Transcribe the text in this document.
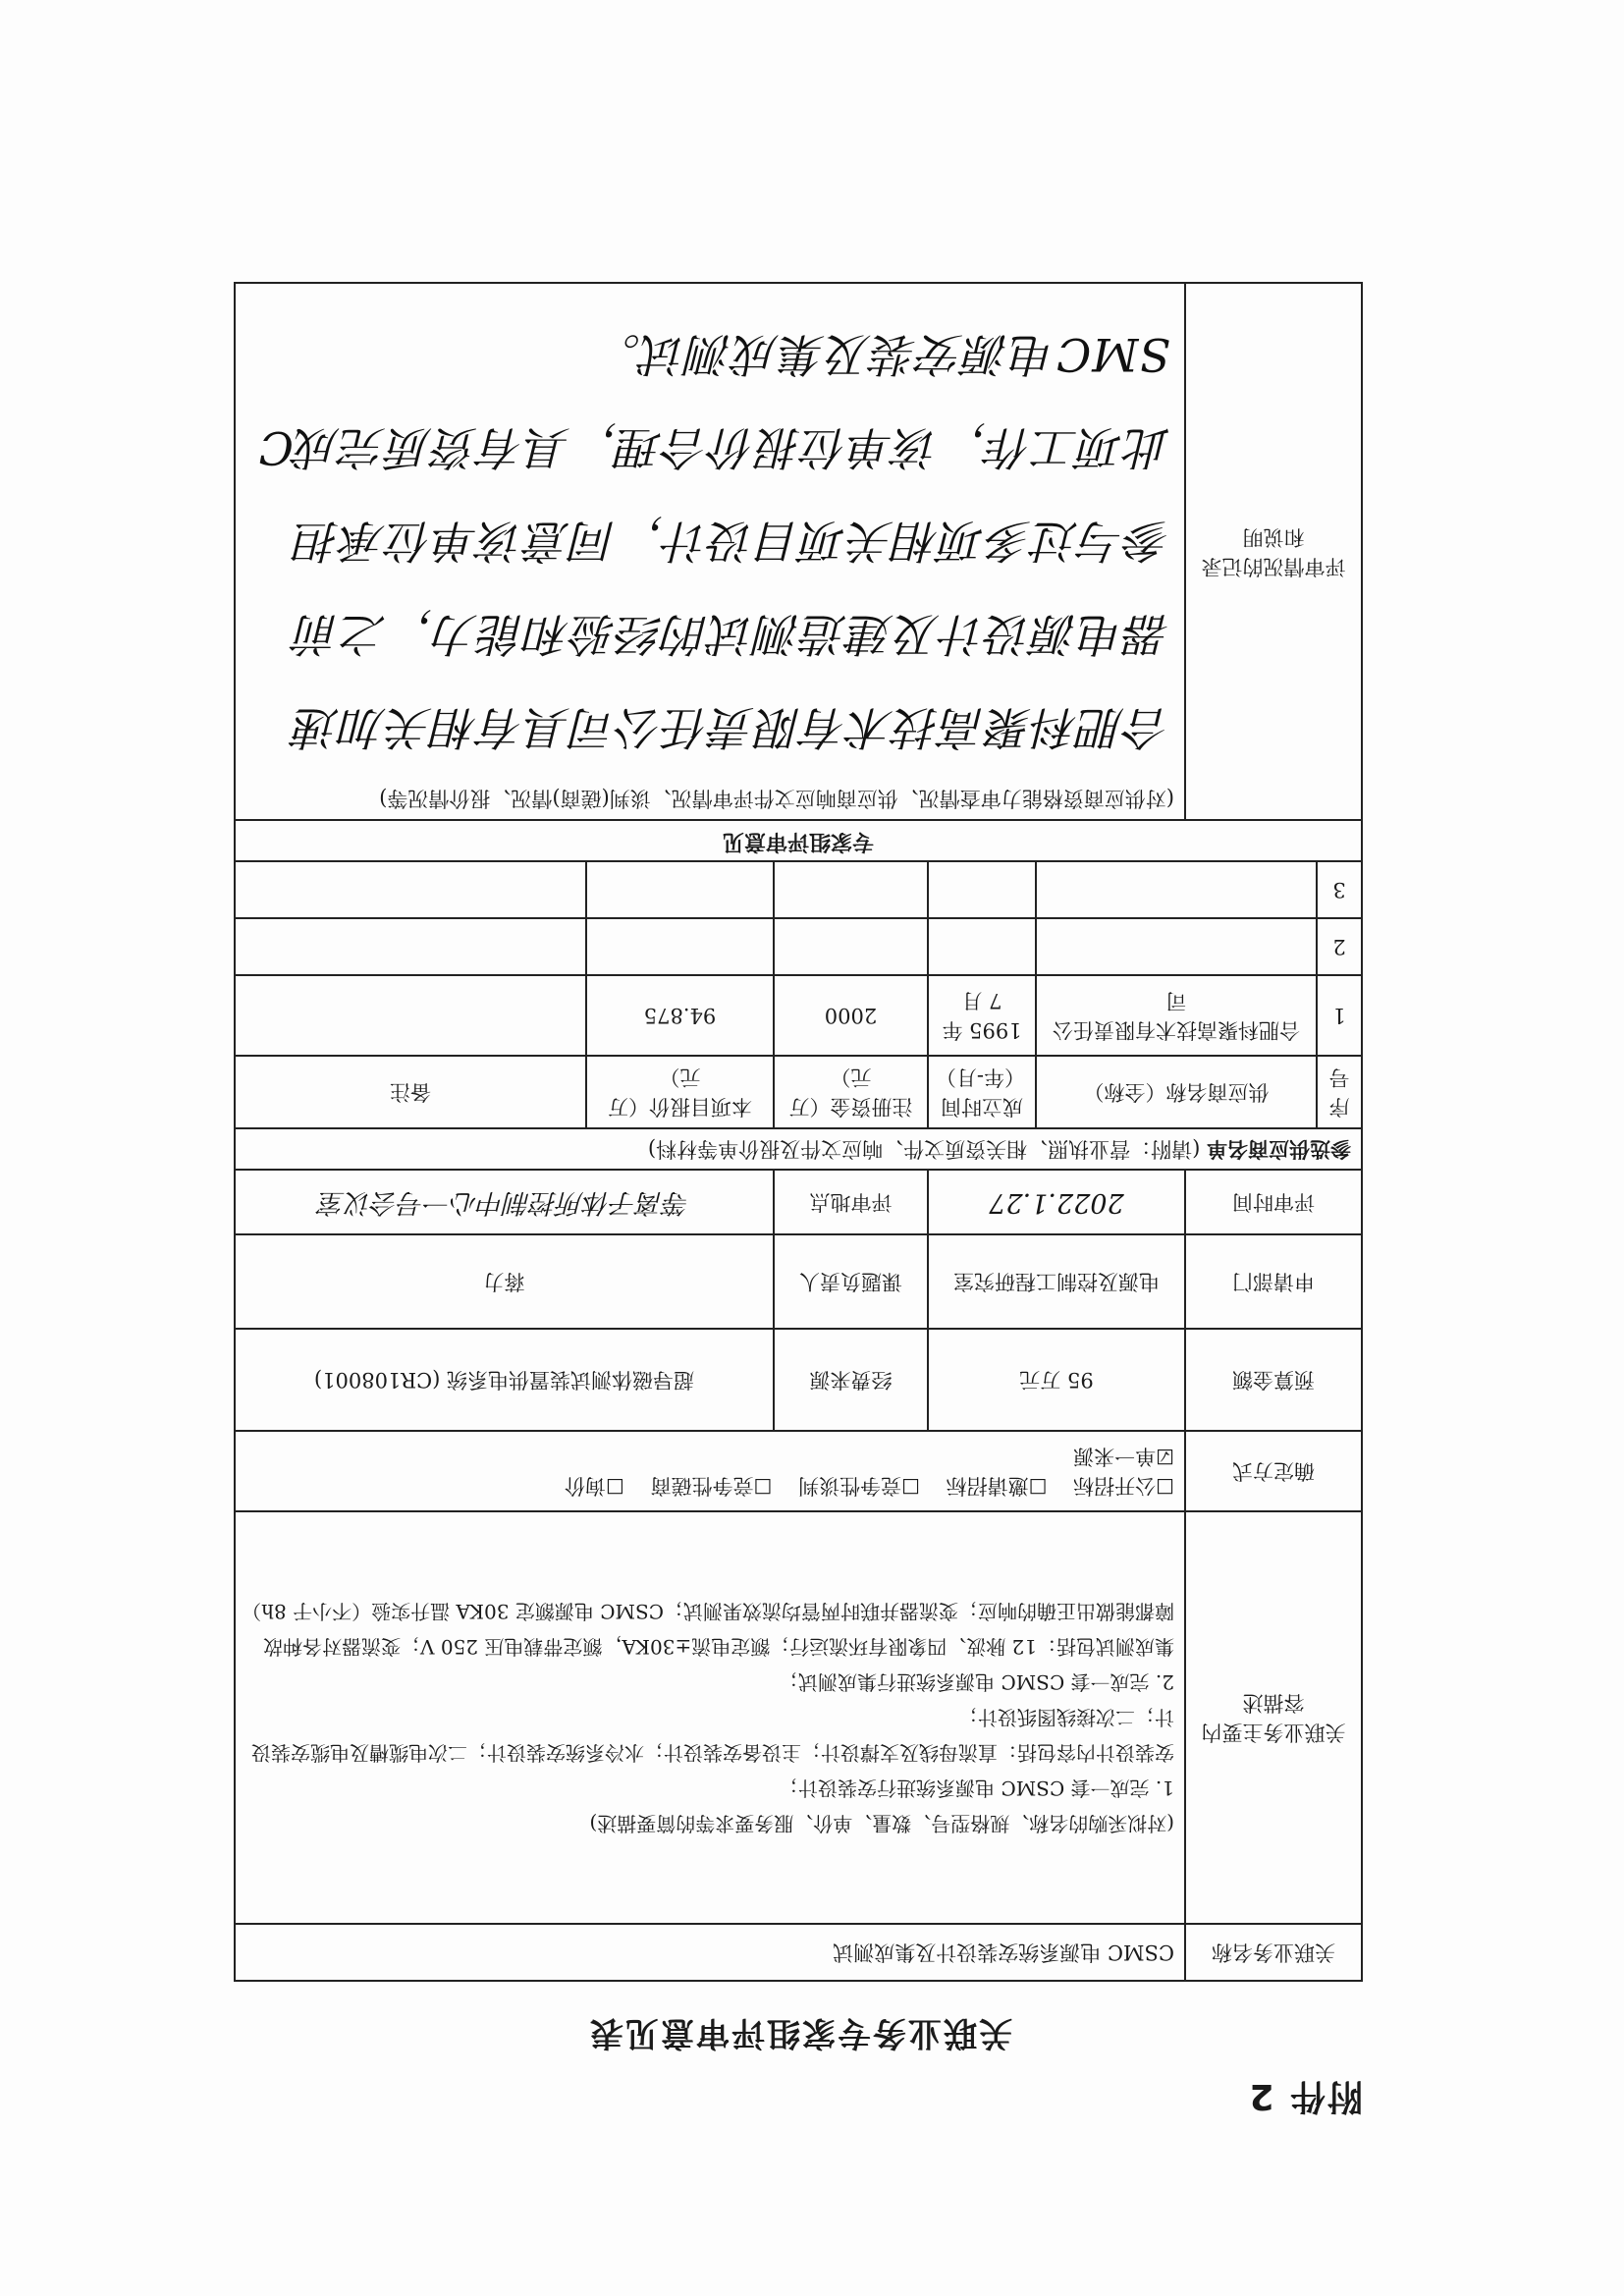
附件 2
关联业务专家组评审意见表
关联业务名称		CSMC 电源系统安装设计及集成测试				
关联业务主要内容描述		(对拟采购的名称、规格型号、数量、单价、服务要求等的简要描述)
1. 完成一套 CSMC 电源系统进行安装设计；
安装设计内容包括：直流母线及支撑设计；主设备安装设计；水冷系统安装设计；二次电缆槽及电缆安装设计；二次接线图纸设计；
2. 完成一套 CSMC 电源系统进行集成测试；
集成测试包括：12 脉波、四象限有环流运行；额定电流±30KA，额定带载电压 250 V；变流器对各种故障都能做出正确的响应；变流器并联时两管均流效果测试；CSMC 电源额定 30KA 温升实验（不小于 8h）				

确定方式		☐公开招标    ☐邀请招标    ☐竞争性谈判    ☐竞争性磋商    ☐询价
☑单一来源				

预算金额		95 万元		经费来源	超导磁体测试装置供电系统 (CR108001)	
申请部门		电源及控制工程研究室		课题负责人	蒋力	
评审时间		2022.1.27		评审地点	等离子体所控制中心一号会议室	
参选供应商名单 (请附：营业执照、相关资质文件、响应文件及报价单等材料)						
序号	供应商名称（全称）		成立时间（年-月）	注册资金（万元）	本项目报价（万元）	备注
1	合肥科聚高技术有限责任公司		1995 年 7 月	2000	94.875	
2						
3						
专家组评审意见						
评审情况的记录和说明		(对供应商资格能力审查情况、供应商响应文件评审情况、谈判(磋商)情况、报价情况等)
合肥科聚高技术有限责任公司具有相关加速器电源设计及建造测试的经验和能力，之前参与过多项相关项目设计，同意该单位承担此项工作，该单位报价合理，具有资质完成CSMC电源安装及集成测试。				
